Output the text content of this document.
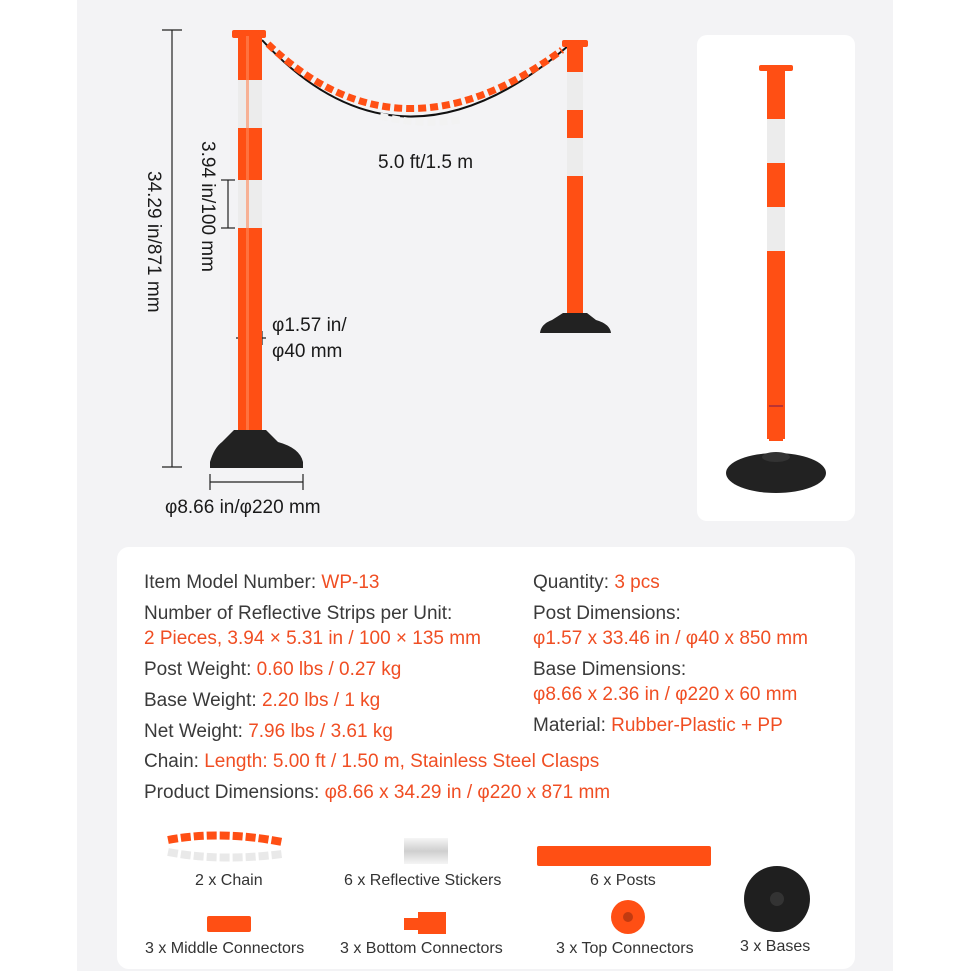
34.29 in/871 mm 3.94 in/100 mm	5.0 ft/1.5 m
φ1.57 in/
φ40 mm
φ8.66 in/φ220 mm
Item Model Number: WP-13
Number of Reflective Strips per Unit:
2 Pieces, 3.94 × 5.31 in / 100 × 135 mm
Post Weight: 0.60 lbs / 0.27 kg
Base Weight: 2.20 lbs / 1 kg
Net Weight: 7.96 lbs / 3.61 kg
Chain: Length: 5.00 ft / 1.50 m, Stainless Steel Clasps
Product Dimensions: φ8.66 x 34.29 in / φ220 x 871 mm
Quantity: 3 pcs
Post Dimensions:
φ1.57 x 33.46 in / φ40 x 850 mm
Base Dimensions:
φ8.66 x 2.36 in / φ220 x 60 mm
Material: Rubber-Plastic + PP
2 x Chain	6 x Reflective Stickers	6 x Posts
3 x Middle Connectors 3 x Bottom Connectors	3 x Top Connectors	3 x Bases
